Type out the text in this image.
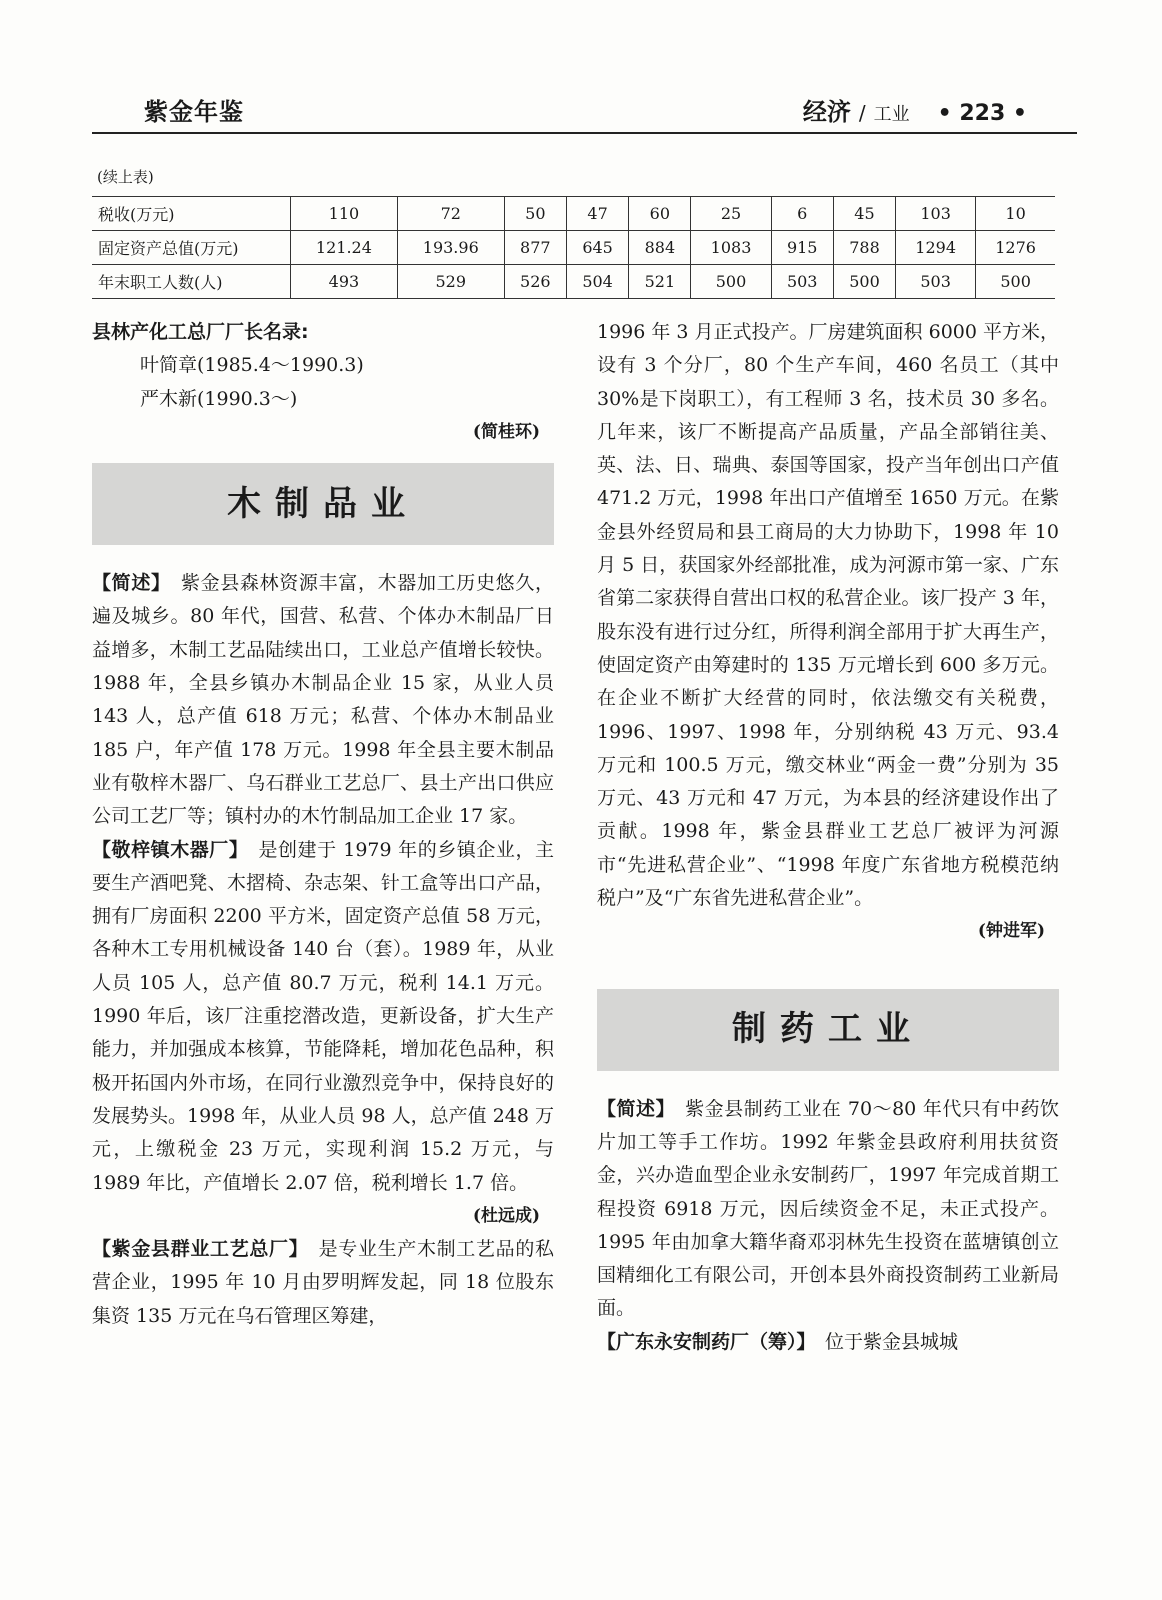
紫金年鉴	经济 / 工业 • 223 •
(续上表)
税收(万元)	110	72	50	47	60	25	6	45	103	10
固定资产总值(万元)	121.24	193.96	877	645	884	1083	915	788	1294	1276
年末职工人数(人)	493	529	526	504	521	500	503	500	503	500

县林产化工总厂厂长名录:

叶简章(1985.4～1990.3)

严木新(1990.3～)

(简桂环)

木制品业

【简述】　 紫金县森林资源丰富，木器加工历史悠久，遍及城乡。80 年代，国营、私营、个体办木制品厂日益增多，木制工艺品陆续出口，工业总产值增长较快。1988 年，全县乡镇办木制品企业 15 家，从业人员 143 人，总产值 618 万元；私营、个体办木制品业 185 户，年产值 178 万元。1998 年全县主要木制品业有敬梓木器厂、乌石群业工艺总厂、县土产出口供应公司工艺厂等；镇村办的木竹制品加工企业 17 家。

【敬梓镇木器厂】　 是创建于 1979 年的乡镇企业，主要生产酒吧凳、木摺椅、杂志架、针工盒等出口产品，拥有厂房面积 2200 平方米，固定资产总值 58 万元，各种木工专用机械设备 140 台（套）。1989 年，从业人员 105 人，总产值 80.7 万元，税利 14.1 万元。1990 年后，该厂注重挖潜改造，更新设备，扩大生产能力，并加强成本核算，节能降耗，增加花色品种，积极开拓国内外市场，在同行业激烈竞争中，保持良好的发展势头。1998 年，从业人员 98 人，总产值 248 万元，上缴税金 23 万元，实现利润 15.2 万元，与 1989 年比，产值增长 2.07 倍，税利增长 1.7 倍。

(杜远成)

【紫金县群业工艺总厂】　 是专业生产木制工艺品的私营企业，1995 年 10 月由罗明辉发起，同 18 位股东集资 135 万元在乌石管理区筹建，

1996 年 3 月正式投产。厂房建筑面积 6000 平方米，设有 3 个分厂，80 个生产车间，460 名员工（其中 30%是下岗职工），有工程师 3 名，技术员 30 多名。几年来，该厂不断提高产品质量，产品全部销往美、英、法、日、瑞典、泰国等国家，投产当年创出口产值 471.2 万元，1998 年出口产值增至 1650 万元。在紫金县外经贸局和县工商局的大力协助下，1998 年 10 月 5 日，获国家外经部批准，成为河源市第一家、广东省第二家获得自营出口权的私营企业。该厂投产 3 年，股东没有进行过分红，所得利润全部用于扩大再生产，使固定资产由筹建时的 135 万元增长到 600 多万元。在企业不断扩大经营的同时，依法缴交有关税费，1996、1997、1998 年，分别纳税 43 万元、93.4 万元和 100.5 万元，缴交林业“两金一费”分别为 35 万元、43 万元和 47 万元，为本县的经济建设作出了贡献。1998 年，紫金县群业工艺总厂被评为河源市“先进私营企业”、“1998 年度广东省地方税模范纳税户”及“广东省先进私营企业”。

(钟进军)

制药工业

【简述】　 紫金县制药工业在 70～80 年代只有中药饮片加工等手工作坊。1992 年紫金县政府利用扶贫资金，兴办造血型企业永安制药厂，1997 年完成首期工程投资 6918 万元，因后续资金不足，未正式投产。1995 年由加拿大籍华裔邓羽林先生投资在蓝塘镇创立国精细化工有限公司，开创本县外商投资制药工业新局面。

【广东永安制药厂（筹）】　 位于紫金县城城
